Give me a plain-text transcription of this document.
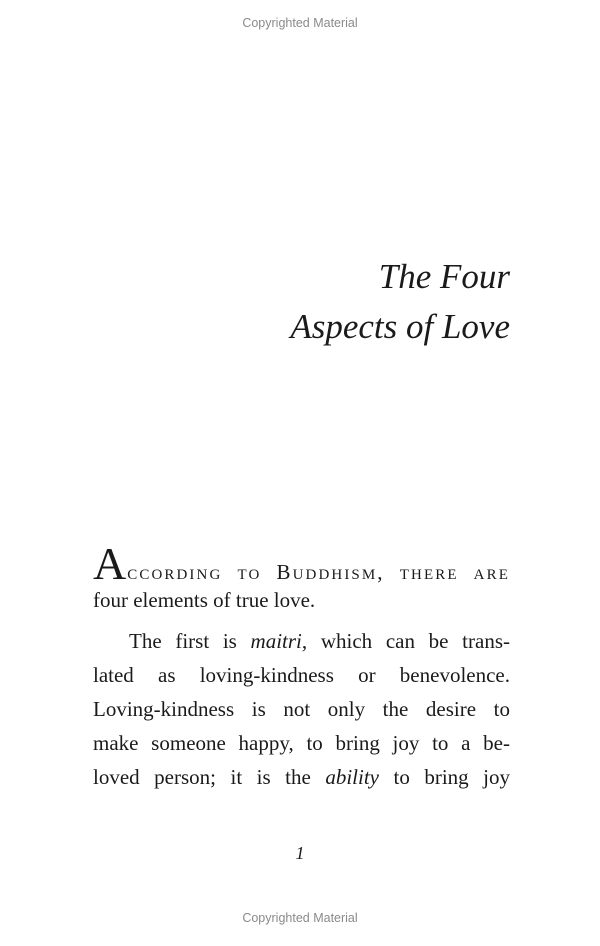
Copyrighted Material
The Four
Aspects of Love
A ccording to Buddhism, there are
four elements of true love.
The first is maitri, which can be trans-
lated as loving-kindness or benevolence.
Loving-kindness is not only the desire to
make someone happy, to bring joy to a be-
loved person; it is the ability to bring joy
1
Copyrighted Material
